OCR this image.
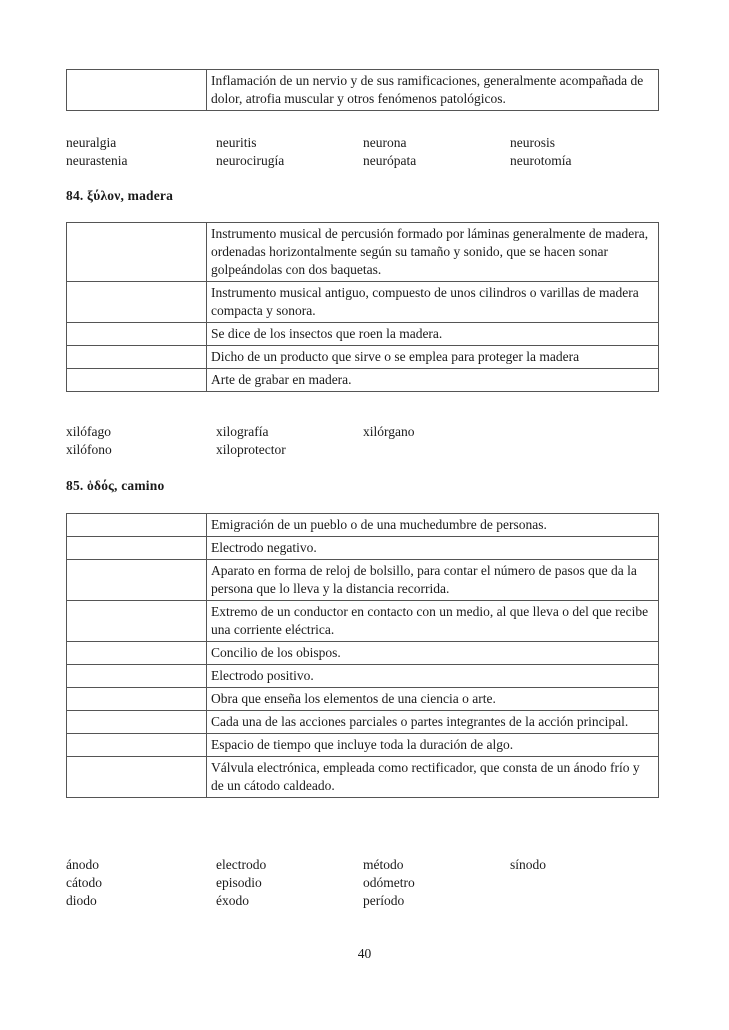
	Inflamación de un nervio y de sus ramificaciones, generalmente acompañada de dolor, atrofia muscular y otros fenómenos patológicos.
neuralgia	neuritis	neurona	neurosis
neurastenia	neurocirugía	neurópata	neurotomía
84. ξύλον, madera
	Instrumento musical de percusión formado por láminas generalmente de madera, ordenadas horizontalmente según su tamaño y sonido, que se hacen sonar golpeándolas con dos baquetas.
	Instrumento musical antiguo, compuesto de unos cilindros o varillas de madera compacta y sonora.
	Se dice de los insectos que roen la madera.
	Dicho de un producto que sirve o se emplea para proteger la madera
	Arte de grabar en madera.
xilófago	xilografía	xilórgano
xilófono	xiloprotector
85. ὁδός, camino
	Emigración de un pueblo o de una muchedumbre de personas.
	Electrodo negativo.
	Aparato en forma de reloj de bolsillo, para contar el número de pasos que da la persona que lo lleva y la distancia recorrida.
	Extremo de un conductor en contacto con un medio, al que lleva o del que recibe una corriente eléctrica.
	Concilio de los obispos.
	Electrodo positivo.
	Obra que enseña los elementos de una ciencia o arte.
	Cada una de las acciones parciales o partes integrantes de la acción principal.
	Espacio de tiempo que incluye toda la duración de algo.
	Válvula electrónica, empleada como rectificador, que consta de un ánodo frío y de un cátodo caldeado.
ánodo	electrodo	método	sínodo
cátodo	episodio	odómetro
diodo	éxodo	período
40
